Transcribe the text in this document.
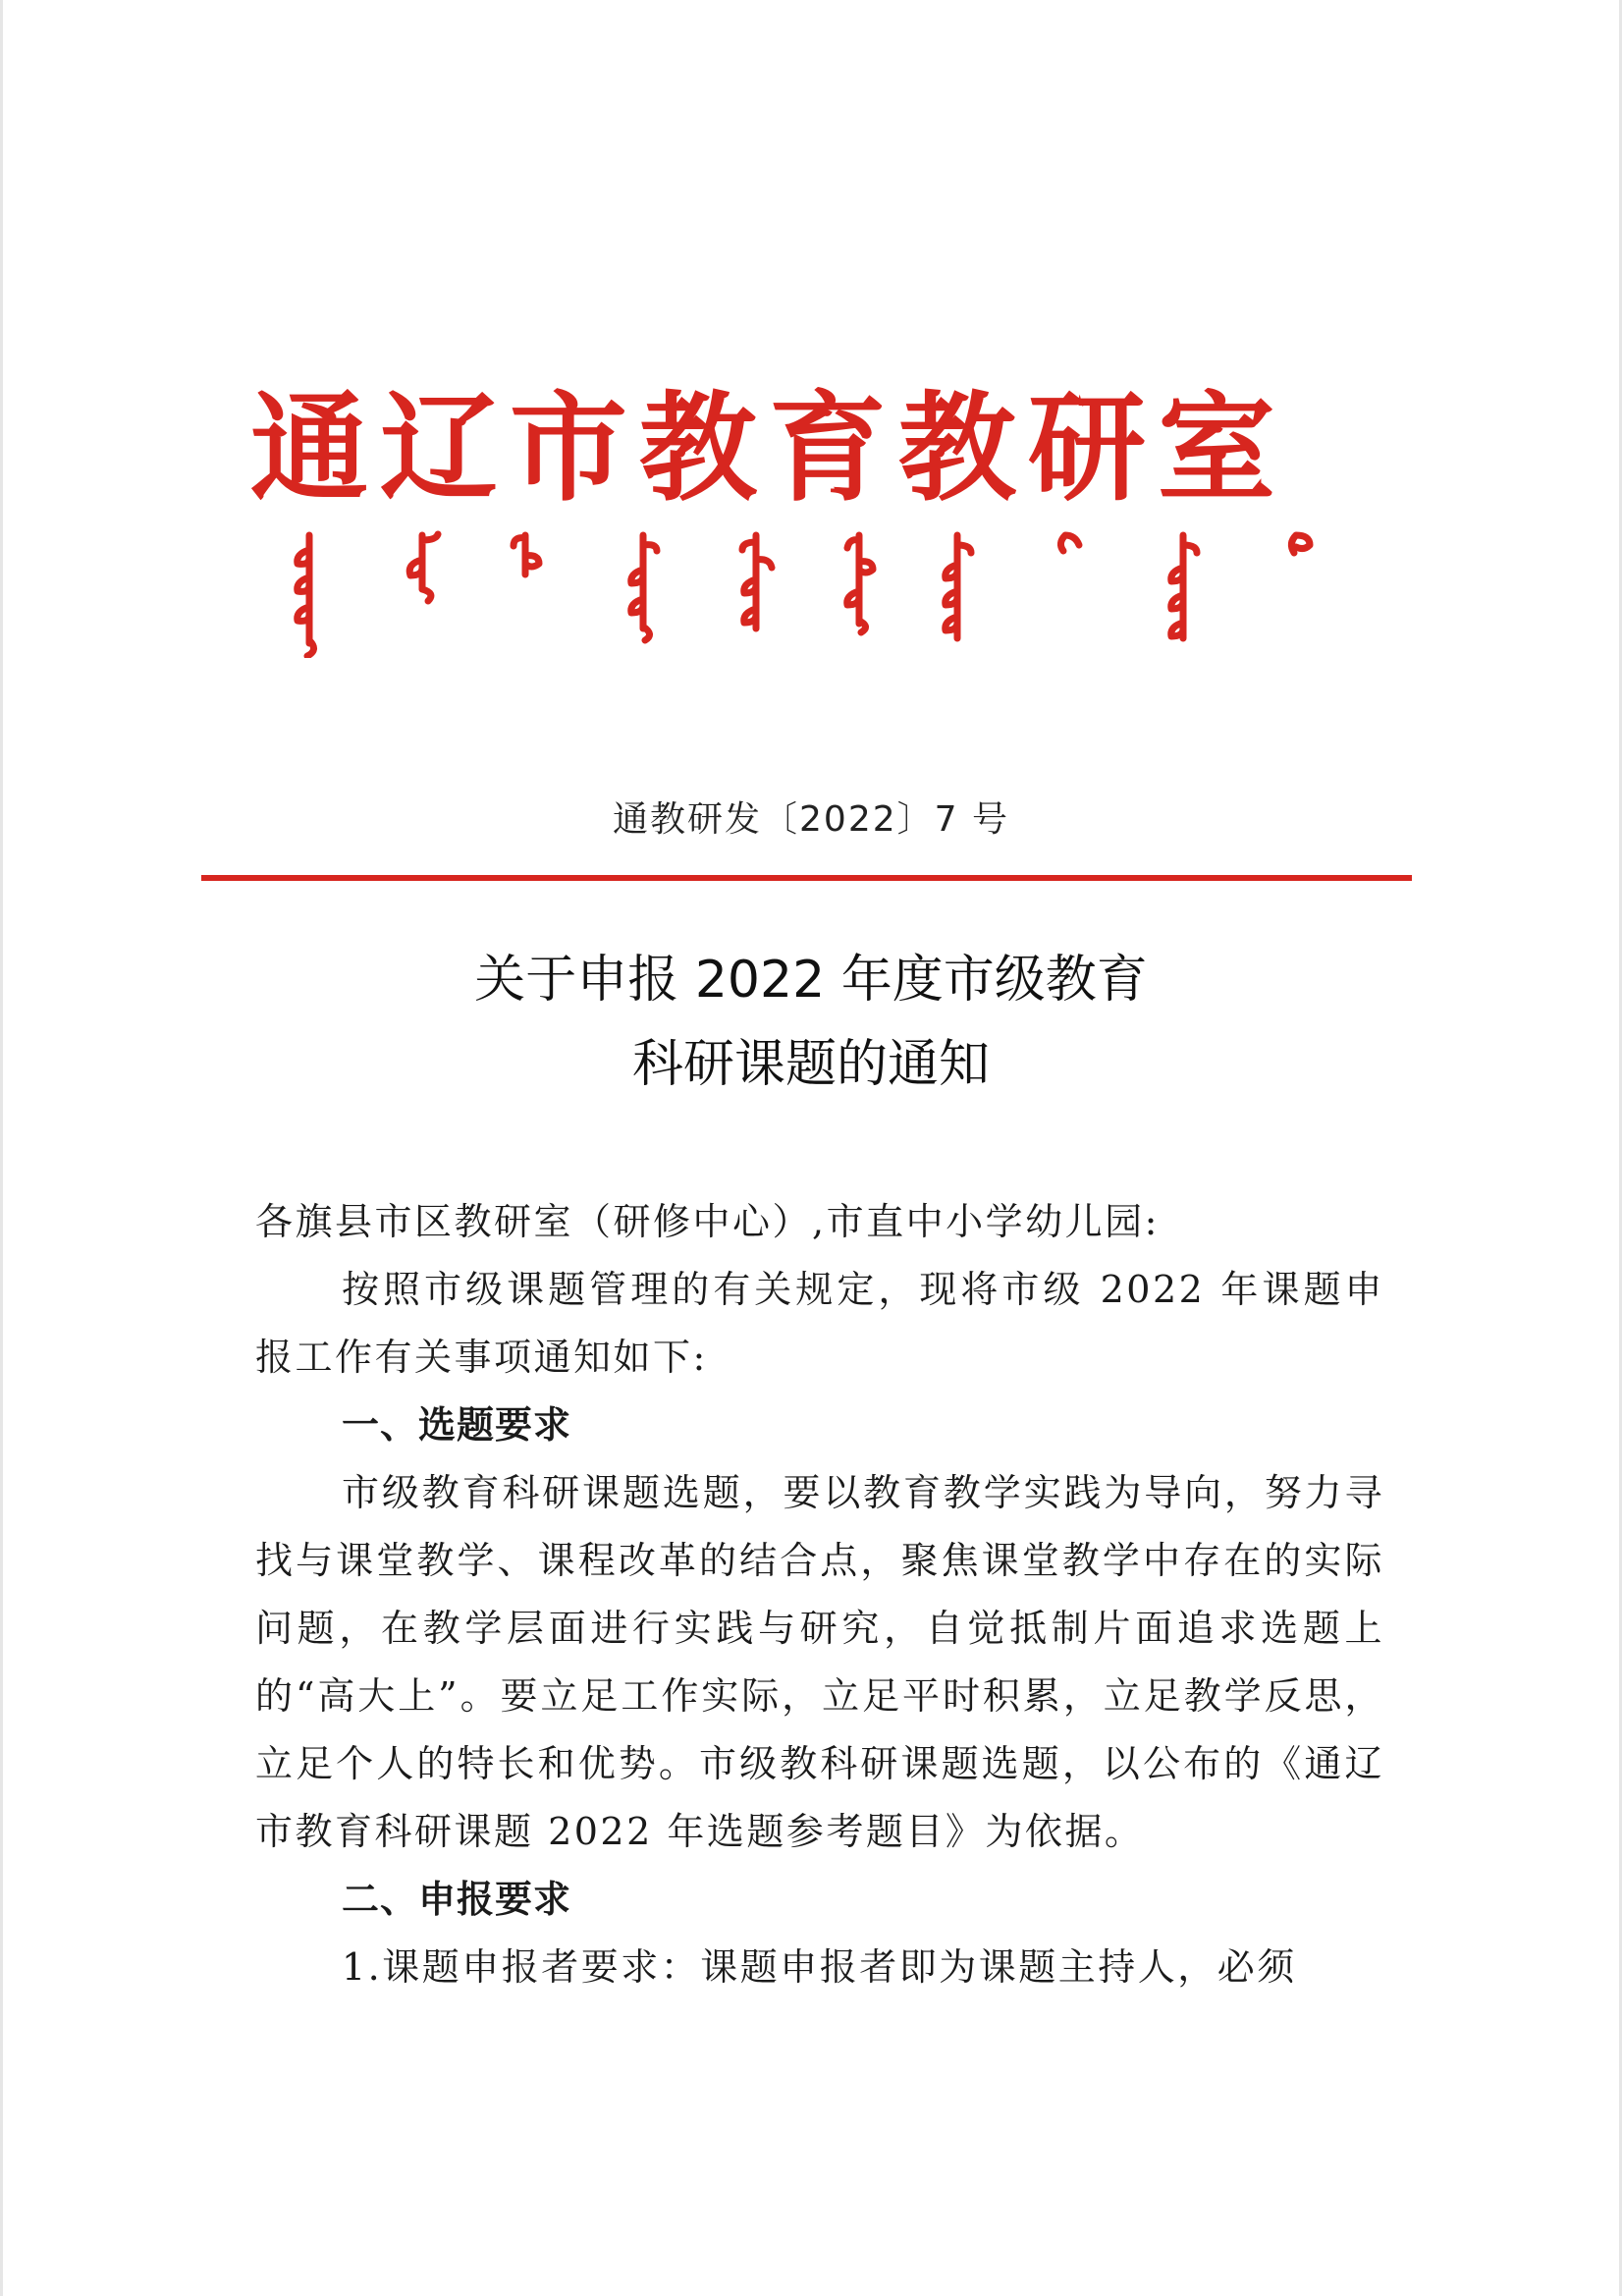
通辽市教育教研室
通教研发〔2022〕7 号
关于申报 2022 年度市级教育
科研课题的通知

各旗县市区教研室（研修中心）,市直中小学幼儿园:

按照市级课题管理的有关规定，现将市级 2022 年课题申报工作有关事项通知如下:

一、选题要求

市级教育科研课题选题，要以教育教学实践为导向，努力寻找与课堂教学、课程改革的结合点，聚焦课堂教学中存在的实际问题，在教学层面进行实践与研究，自觉抵制片面追求选题上的“高大上”。要立足工作实际，立足平时积累，立足教学反思，立足个人的特长和优势。市级教科研课题选题，以公布的《通辽市教育科研课题 2022 年选题参考题目》为依据。

二、申报要求

1.课题申报者要求：课题申报者即为课题主持人，必须
